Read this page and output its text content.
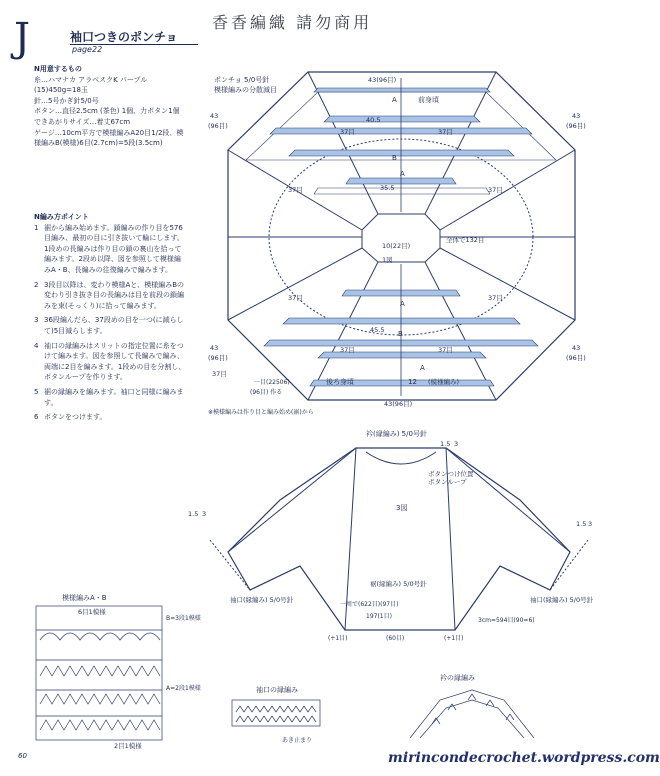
J	袖口つきのポンチョ
page22
香香編織 請勿商用

N用意するもの

糸…ハマナカ アラベスクK パープル

(15)450g=18玉

針…5号かぎ針5/0号

ボタン…直径2.5cm (茶色) 1個、力ボタン1個

できあがりサイズ…着丈67cm

ゲージ…10cm平方で模様編みA20目1/2段、模様編みB(模様)6目(2.7cm)=5段(3.5cm)

N編み方ポイント

1 裾から編み始めます。鎖編みの作り目を576目編み、最初の目に引き抜いて輪にします。1段めの長編みは作り目の鎖の裏山を拾って編みます。2段め以降、図を参照して模様編みA・B、長編みの往復編みで編みます。
2 3段目以降は、変わり模様Aと、模様編みBの変わり引き抜き目の長編みは目を前段の鎖編みを束(そっくり)に拾って編みます。
3 36段編んだら、37段めの目を一つ(に減らして)5目減らします。
4 袖口の縁編みはスリットの指定位置に糸をつけて編みます。図を参照して長編みで編み、両端に2目を編みます。1段めの目を分割し、ボタンループを作ります。
5 裾の縁編みを編みます。袖口と同様に編みます。
6 ボタンをつけます。
ポンチョ 5/0号針
模様編みの分散減目
43(96目)
前身頃
A
B
A
A
B
A
40.5
45.5
35.5
37目	37目
37目	37目
37目	37目
37目	37目
37目
10(22目)
全体で132目
1図
43
(96目)
43
(96目)
43
(96目)
43
(96目)
後ろ身頃	12 (模様編み)
一目(22506)
(96目) 作る
43(96目)
※模様編みは作り目と編み始め(裾)から
衿(縁編み) 5/0号針
ボタンループ
ボタンつけ位置
3図
袖口(縁編み) 5/0号針	袖口(縁編み) 5/0号針
裾(縁編み) 5/0号針
一周で(622目)(97目)
197(1目)
3cm=594目(90=6)
(+1目)	(60目)	(+1目)
1.5 3
1.5 3
1.5 3
模様編みA・B
6目1模様
B=3段1模様
A=2段1模様
2目1模様
袖口の縁編み
あき止まり
衿の縁編み
60	mirincondecrochet.wordpress.com
